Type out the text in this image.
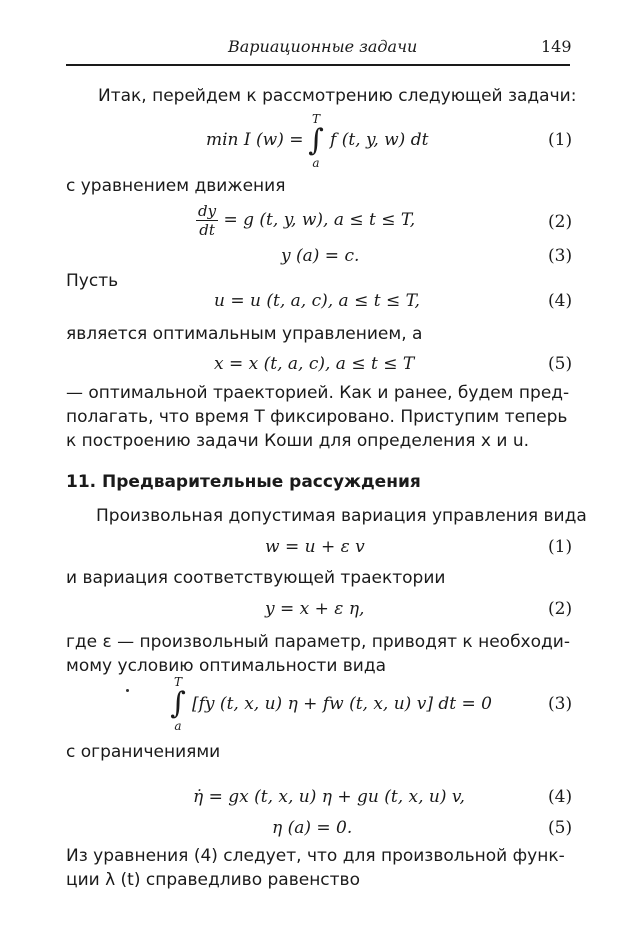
Вариационные задачи	149
Итак, перейдем к рассмотрению следующей задачи:
min I (w) =
T
∫
a
f (t, y, w) dt	(1)
с уравнением движения
$\frac{dy}{dt} = g$ (t, y, w), a ≤ t ≤ T,	(2)
y (a) = c.	(3)
Пусть
u = u (t, a, c), a ≤ t ≤ T,	(4)
является оптимальным управлением, а
x = x (t, a, c), a ≤ t ≤ T	(5)
— оптимальной траекторией. Как и ранее, будем пред-
полагать, что время T фиксировано. Приступим теперь
к построению задачи Коши для определения x и u.
11. Предварительные рассуждения
Произвольная допустимая вариация управления вида
w = u + ε v	(1)
и вариация соответствующей траектории
y = x + ε η,	(2)
где ε — произвольный параметр, приводят к необходи-
мому условию оптимальности вида
T
∫
a
[fy (t, x, u) η + fw (t, x, u) v] dt = 0	(3)
с ограничениями
η̇ = gx (t, x, u) η + gu (t, x, u) v,	(4)
η (a) = 0.	(5)
Из уравнения (4) следует, что для произвольной функ-
ции λ (t) справедливо равенство
